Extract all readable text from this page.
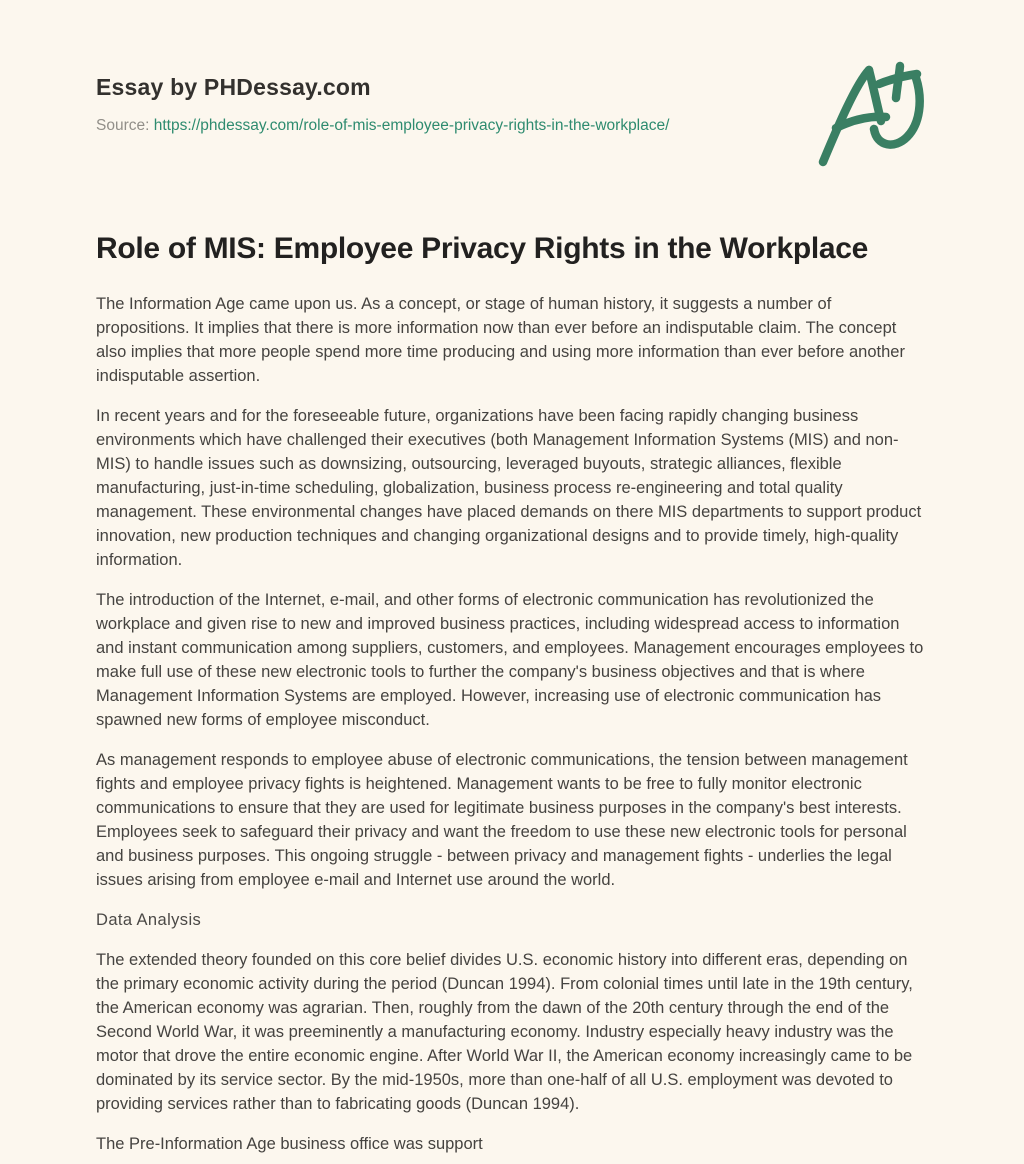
Essay by PHDessay.com

Source: https://phdessay.com/role-of-mis-employee-privacy-rights-in-the-workplace/

Role of MIS: Employee Privacy Rights in the Workplace

The Information Age came upon us. As a concept, or stage of human history, it suggests a number of propositions. It implies that there is more information now than ever before an indisputable claim. The concept also implies that more people spend more time producing and using more information than ever before another indisputable assertion.

In recent years and for the foreseeable future, organizations have been facing rapidly changing business environments which have challenged their executives (both Management Information Systems (MIS) and non-MIS) to handle issues such as downsizing, outsourcing, leveraged buyouts, strategic alliances, flexible manufacturing, just-in-time scheduling, globalization, business process re-engineering and total quality management. These environmental changes have placed demands on there MIS departments to support product innovation, new production techniques and changing organizational designs and to provide timely, high-quality information.

The introduction of the Internet, e-mail, and other forms of electronic communication has revolutionized the workplace and given rise to new and improved business practices, including widespread access to information and instant communication among suppliers, customers, and employees. Management encourages employees to make full use of these new electronic tools to further the company's business objectives and that is where Management Information Systems are employed. However, increasing use of electronic communication has spawned new forms of employee misconduct.

As management responds to employee abuse of electronic communications, the tension between management fights and employee privacy fights is heightened. Management wants to be free to fully monitor electronic communications to ensure that they are used for legitimate business purposes in the company's best interests. Employees seek to safeguard their privacy and want the freedom to use these new electronic tools for personal and business purposes. This ongoing struggle - between privacy and management fights - underlies the legal issues arising from employee e-mail and Internet use around the world.

Data Analysis

The extended theory founded on this core belief divides U.S. economic history into different eras, depending on the primary economic activity during the period (Duncan 1994). From colonial times until late in the 19th century, the American economy was agrarian. Then, roughly from the dawn of the 20th century through the end of the Second World War, it was preeminently a manufacturing economy. Industry especially heavy industry was the motor that drove the entire economic engine. After World War II, the American economy increasingly came to be dominated by its service sector. By the mid-1950s, more than one-half of all U.S. employment was devoted to providing services rather than to fabricating goods (Duncan 1994).

The Pre-Information Age business office was support
